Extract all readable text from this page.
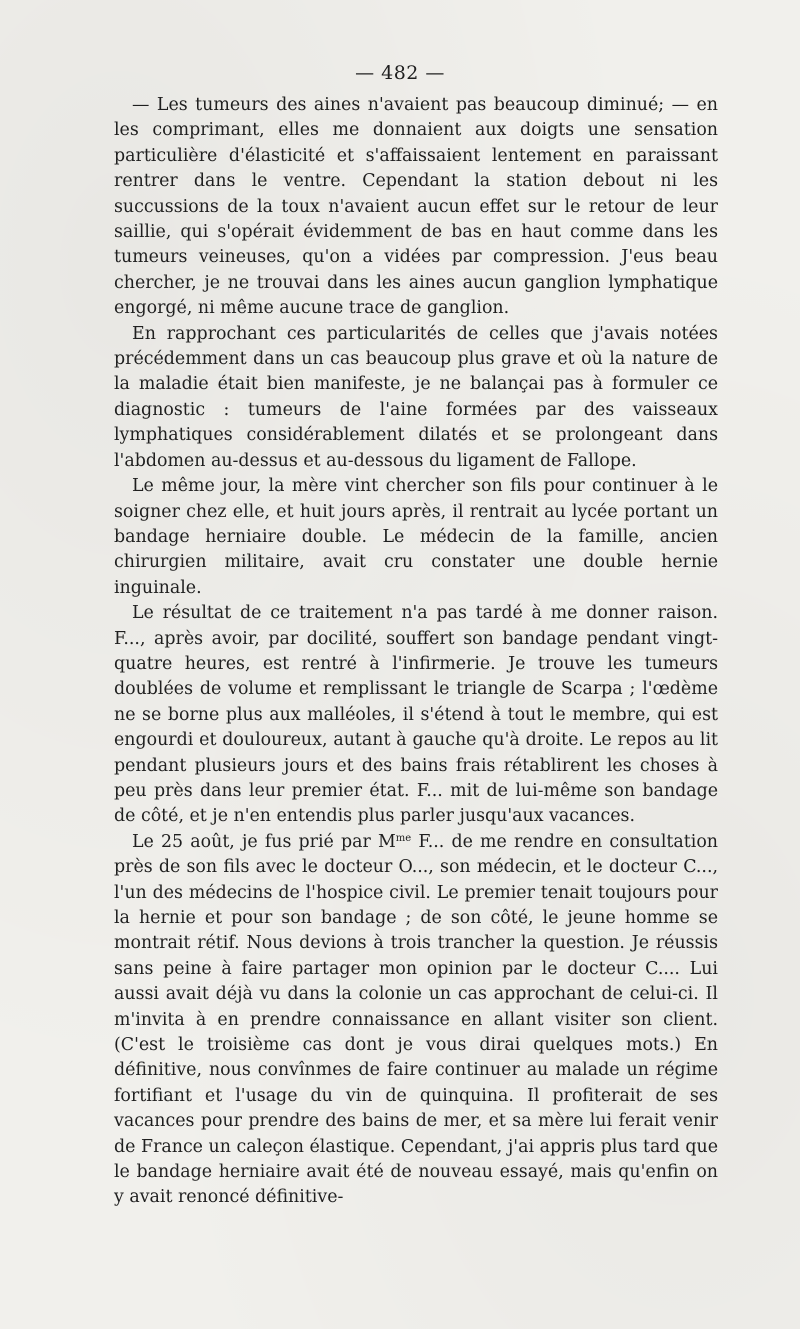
— 482 —

— Les tumeurs des aines n'avaient pas beaucoup diminué; — en les comprimant, elles me donnaient aux doigts une sensation particulière d'élasticité et s'affaissaient lentement en paraissant rentrer dans le ventre. Cependant la station debout ni les succussions de la toux n'avaient aucun effet sur le retour de leur saillie, qui s'opérait évidemment de bas en haut comme dans les tumeurs veineuses, qu'on a vidées par compression. J'eus beau chercher, je ne trouvai dans les aines aucun ganglion lymphatique engorgé, ni même aucune trace de ganglion.

En rapprochant ces particularités de celles que j'avais notées précédemment dans un cas beaucoup plus grave et où la nature de la maladie était bien manifeste, je ne balançai pas à formuler ce diagnostic : tumeurs de l'aine formées par des vaisseaux lymphatiques considérablement dilatés et se prolongeant dans l'abdomen au-dessus et au-dessous du ligament de Fallope.

Le même jour, la mère vint chercher son fils pour continuer à le soigner chez elle, et huit jours après, il rentrait au lycée portant un bandage herniaire double. Le médecin de la famille, ancien chirurgien militaire, avait cru constater une double hernie inguinale.

Le résultat de ce traitement n'a pas tardé à me donner raison. F..., après avoir, par docilité, souffert son bandage pendant vingt-quatre heures, est rentré à l'infirmerie. Je trouve les tumeurs doublées de volume et remplissant le triangle de Scarpa ; l'œdème ne se borne plus aux malléoles, il s'étend à tout le membre, qui est engourdi et douloureux, autant à gauche qu'à droite. Le repos au lit pendant plusieurs jours et des bains frais rétablirent les choses à peu près dans leur premier état. F... mit de lui-même son bandage de côté, et je n'en entendis plus parler jusqu'aux vacances.

Le 25 août, je fus prié par $M^{me}$ F... de me rendre en consultation près de son fils avec le docteur O..., son médecin, et le docteur C..., l'un des médecins de l'hospice civil. Le premier tenait toujours pour la hernie et pour son bandage ; de son côté, le jeune homme se montrait rétif. Nous devions à trois trancher la question. Je réussis sans peine à faire partager mon opinion par le docteur C.... Lui aussi avait déjà vu dans la colonie un cas approchant de celui-ci. Il m'invita à en prendre connaissance en allant visiter son client. (C'est le troisième cas dont je vous dirai quelques mots.) En définitive, nous convînmes de faire continuer au malade un régime fortifiant et l'usage du vin de quinquina. Il profiterait de ses vacances pour prendre des bains de mer, et sa mère lui ferait venir de France un caleçon élastique. Cependant, j'ai appris plus tard que le bandage herniaire avait été de nouveau essayé, mais qu'enfin on y avait renoncé définitive-
